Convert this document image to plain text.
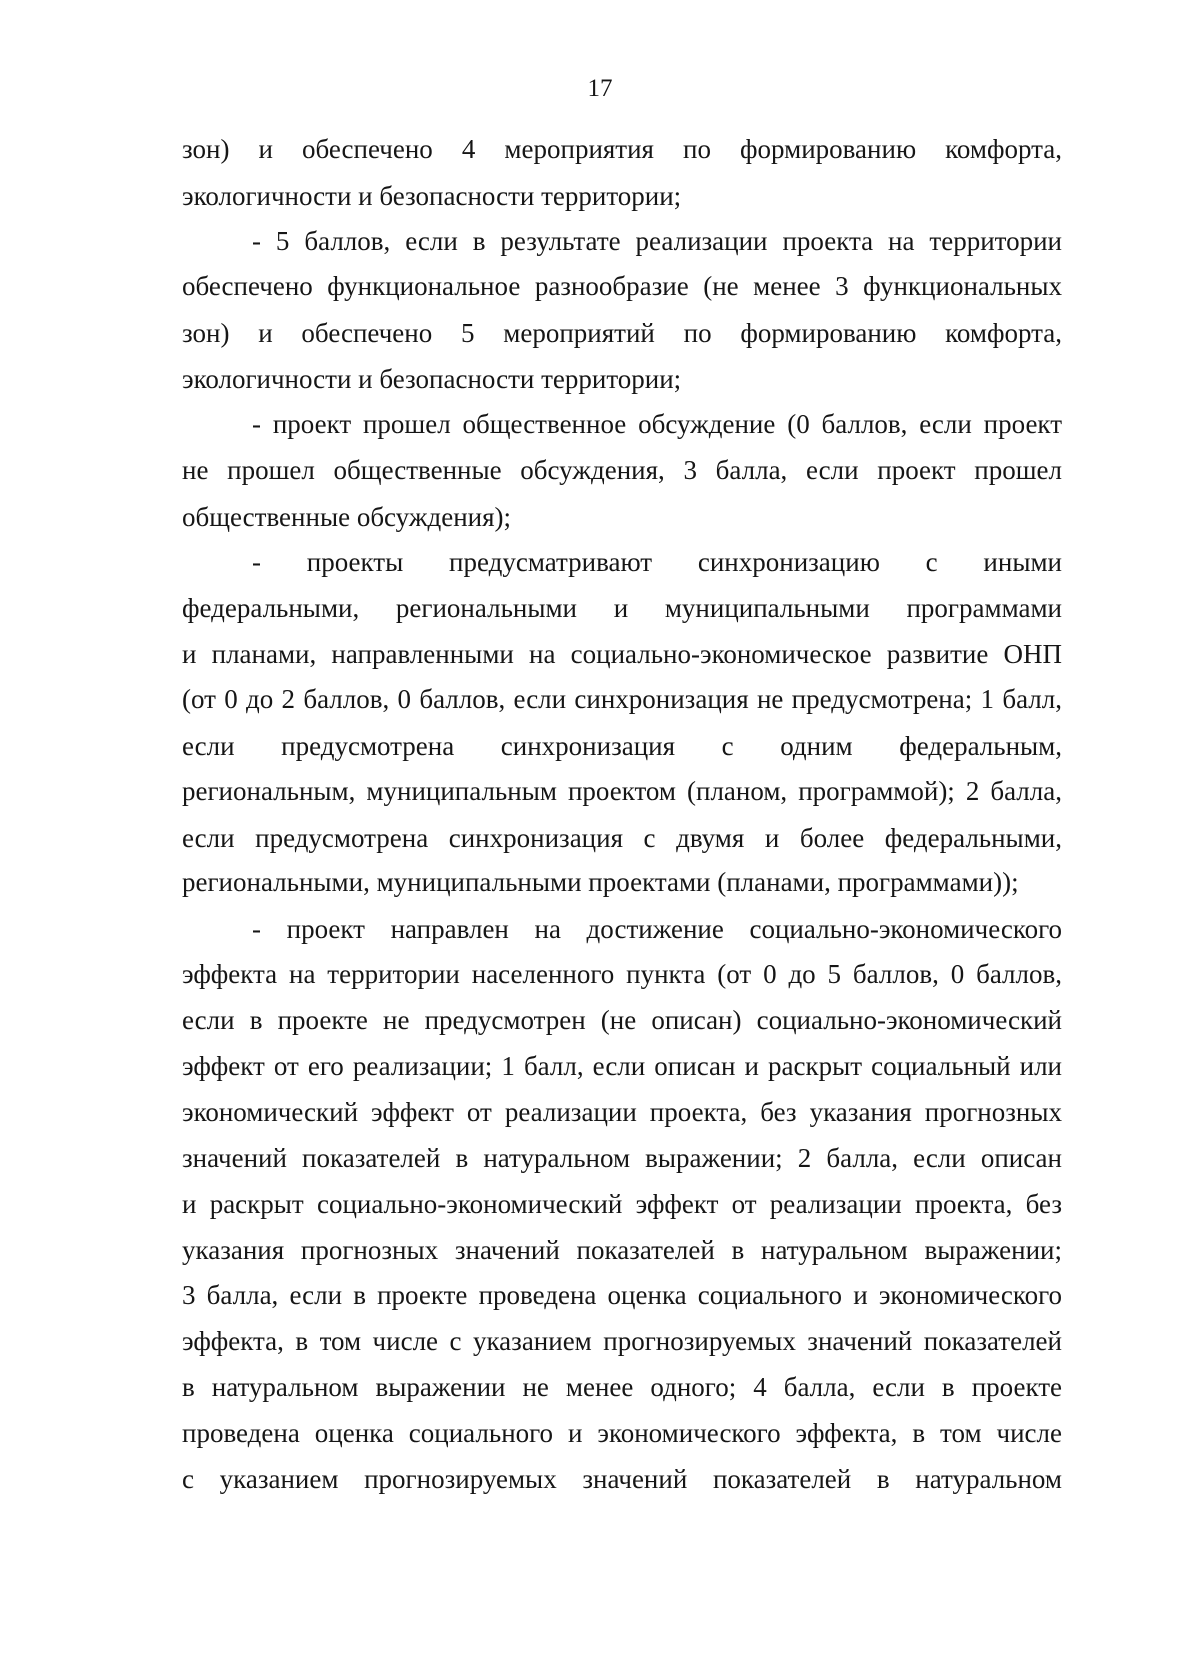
17
зон) и обеспечено 4 мероприятия по формированию комфорта,
экологичности и безопасности территории;
- 5 баллов, если в результате реализации проекта на территории
обеспечено функциональное разнообразие (не менее 3 функциональных
зон) и обеспечено 5 мероприятий по формированию комфорта,
экологичности и безопасности территории;
- проект прошел общественное обсуждение (0 баллов, если проект
не прошел общественные обсуждения, 3 балла, если проект прошел
общественные обсуждения);
- проекты предусматривают синхронизацию с иными
федеральными, региональными и муниципальными программами
и планами, направленными на социально-экономическое развитие ОНП
(от 0 до 2 баллов, 0 баллов, если синхронизация не предусмотрена; 1 балл,
если предусмотрена синхронизация с одним федеральным,
региональным, муниципальным проектом (планом, программой); 2 балла,
если предусмотрена синхронизация с двумя и более федеральными,
региональными, муниципальными проектами (планами, программами));
- проект направлен на достижение социально-экономического
эффекта на территории населенного пункта (от 0 до 5 баллов, 0 баллов,
если в проекте не предусмотрен (не описан) социально-экономический
эффект от его реализации; 1 балл, если описан и раскрыт социальный или
экономический эффект от реализации проекта, без указания прогнозных
значений показателей в натуральном выражении; 2 балла, если описан
и раскрыт социально-экономический эффект от реализации проекта, без
указания прогнозных значений показателей в натуральном выражении;
3 балла, если в проекте проведена оценка социального и экономического
эффекта, в том числе с указанием прогнозируемых значений показателей
в натуральном выражении не менее одного; 4 балла, если в проекте
проведена оценка социального и экономического эффекта, в том числе
с указанием прогнозируемых значений показателей в натуральном
